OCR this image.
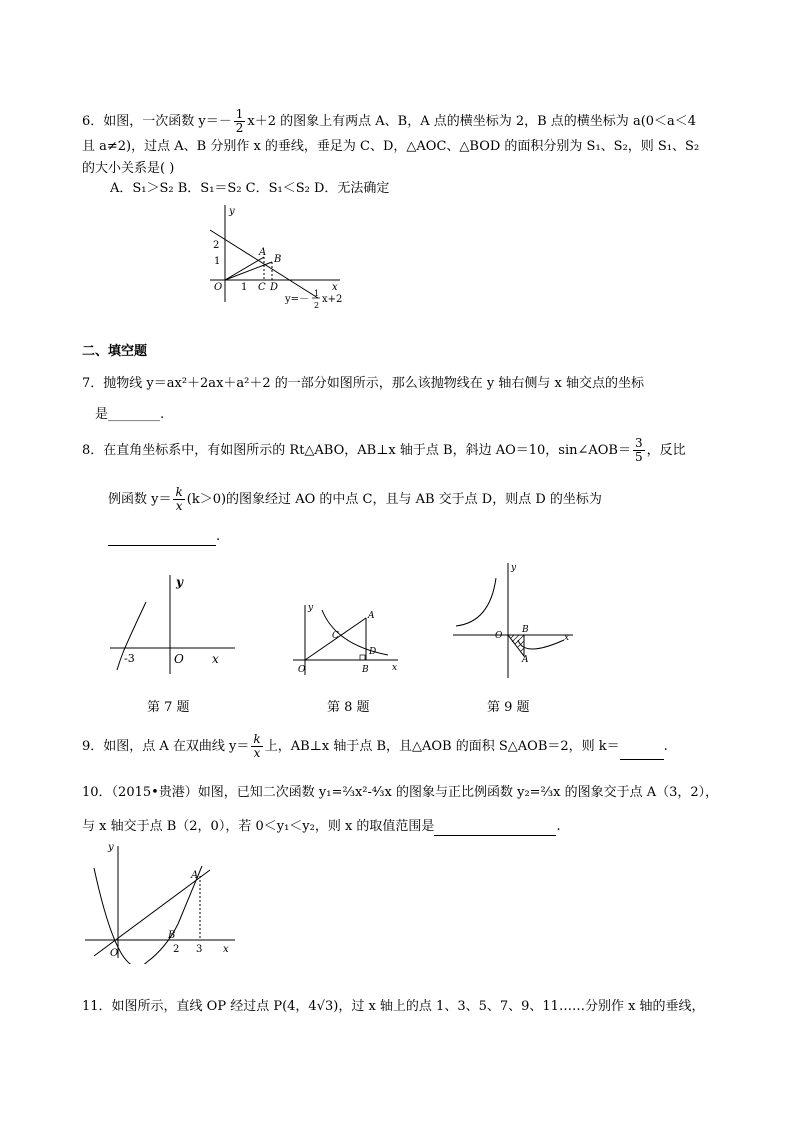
6．如图，一次函数 $y=- \frac{1}{2} x+2$ 的图象上有两点 A、B，A 点的横坐标为 2，B 点的横坐标为 a(0＜a＜4
且 a≠2)，过点 A、B 分别作 x 的垂线，垂足为 C、D，△AOC、△BOD 的面积分别为 S₁、S₂，则 S₁、S₂
的大小关系是( )
A．S₁＞S₂ B．S₁＝S₂ C．S₁＜S₂ D．无法确定
y
x
O
2
1
1 C D
A
B
y=－
1
2
x+2
二、填空题
7．抛物线 y＝ax²＋2ax＋a²＋2 的一部分如图所示，那么该抛物线在 y 轴右侧与 x 轴交点的坐标
是________.
8．在直角坐标系中，有如图所示的 Rt△ABO，AB⊥x 轴于点 B，斜边 AO＝10，sin∠AOB＝ $\frac{3}{5}$ ，反比
例函数 $y= \frac{k}{x} (k>0)$的图象经过 AO 的中点 C，且与 AB 交于点 D，则点 D 的坐标为
.
y
O x
-3
第 7 题
y
O	x
A
B
C
D
第 8 题
y
O	x
A
B
第 9 题
9．如图，点 A 在双曲线 $y= \frac{k}{x}$ 上，AB⊥x 轴于点 B，且△AOB 的面积 S△AOB＝2，则 k＝	.
10．（2015•贵港）如图，已知二次函数 y₁=⅔x²-⁴⁄₃x 的图象与正比例函数 y₂=⅔x 的图象交于点 A（3，2），
与 x 轴交于点 B（2，0），若 0＜y₁＜y₂，则 x 的取值范围是	.
y
O	x
A
B
2 3
11．如图所示，直线 OP 经过点 P(4，4√3)，过 x 轴上的点 1、3、5、7、9、11……分别作 x 轴的垂线，
